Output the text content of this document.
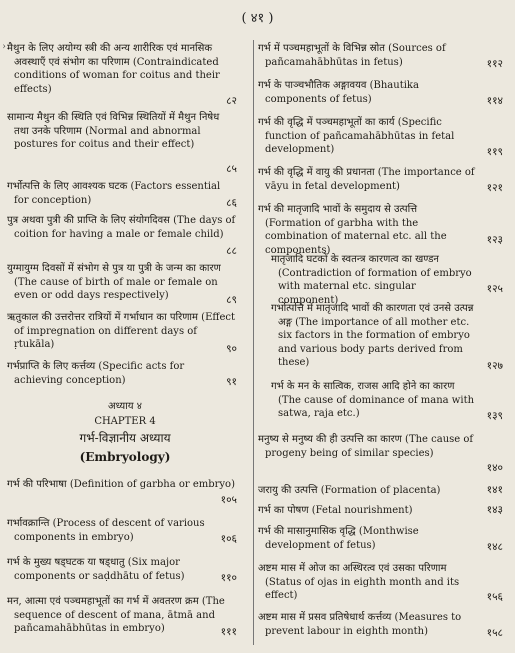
( ४१ )
› मैथुन के लिए अयोग्य स्त्री की अन्य शारीरिक एवं मानसिक अवस्थाएँ एवं संभोग का परिणाम (Contraindicated conditions of woman for coitus and their effects)
८२
सामान्य मैथुन की स्थिति एवं विभिन्न स्थितियों में मैथुन निषेध तथा उनके परिणाम (Normal and abnormal postures for coitus and their effect)
८५
गर्भोत्पत्ति के लिए आवश्यक घटक (Factors essential for conception)	८६
पुत्र अथवा पुत्री की प्राप्ति के लिए संयोगदिवस (The days of coition for having a male or female child)
८८
युग्मायुग्म दिवसों में संभोग से पुत्र या पुत्री के जन्म का कारण (The cause of birth of male or female on even or odd days respectively)	८९
ऋतुकाल की उत्तरोत्तर रात्रियों में गर्भाधान का परिणाम (Effect of impregnation on different days of ṛtukāla)	९०
गर्भप्राप्ति के लिए कर्त्तव्य (Specific acts for achieving conception)	९१
अध्याय ४
CHAPTER 4
गर्भ-विज्ञानीय अध्याय
(Embryology)
गर्भ की परिभाषा (Definition of garbha or embryo)
१०५
गर्भावक्रान्ति (Process of descent of various components in embryo)	१०६
गर्भ के मुख्य षड्घटक या षड्धातु (Six major components or saḍdhātu of fetus)	११०
मन, आत्मा एवं पञ्चमहाभूतों का गर्भ में अवतरण क्रम (The sequence of descent of mana, ātmā and pañcamahābhūtas in embryo)	१११
गर्भ में पञ्चमहाभूतों के विभिन्न स्रोत (Sources of pañcamahābhūtas in fetus)	११२
गर्भ के पाञ्चभौतिक अङ्गावयव (Bhautika components of fetus)	११४
गर्भ की वृद्धि में पञ्चमहाभूतों का कार्य (Specific function of pañcamahābhūtas in fetal development)	११९
गर्भ की वृद्धि में वायु की प्रधानता (The importance of vāyu in fetal development)	१२१
गर्भ की मातृजादि भावों के समुदाय से उत्पत्ति (Formation of garbha with the combination of maternal etc. all the components)
१२३
मातृजादि घटकों के स्वतन्त्र कारणत्व का खण्डन (Contradiction of formation of embryo with maternal etc. singular component)
१२५
गर्भोत्पत्ति में मातृजादि भावों की कारणता एवं उनसे उत्पन्न अङ्ग (The importance of all mother etc. six factors in the formation of embryo and various body parts derived from these)	१२७
गर्भ के मन के सात्विक, राजस आदि होने का कारण (The cause of dominance of mana with satwa, raja etc.)	१३९
मनुष्य से मनुष्य की ही उत्पत्ति का कारण (The cause of progeny being of similar species)
१४०
जरायु की उत्पत्ति (Formation of placenta)	१४१
गर्भ का पोषण (Fetal nourishment)	१४३
गर्भ की मासानुमासिक वृद्धि (Monthwise development of fetus)	१४८
अष्टम मास में ओज का अस्थिरत्व एवं उसका परिणाम (Status of ojas in eighth month and its effect)	१५६
अष्टम मास में प्रसव प्रतिषेधार्थ कर्त्तव्य (Measures to prevent labour in eighth month)	१५८
